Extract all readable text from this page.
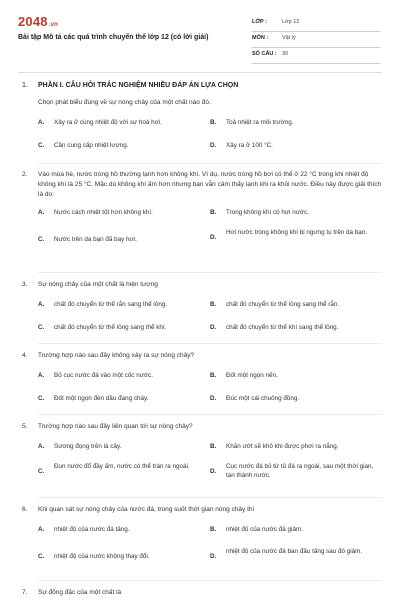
2048.vn
Bài tập Mô tả các quá trình chuyển thể lớp 12 (có lời giải)
LỚP :	Lớp 12
MÔN :	Vật lý
SỐ CÂU : 30
1. PHẦN I. CÂU HỎI TRẮC NGHIỆM NHIỀU ĐÁP ÁN LỰA CHỌN
Chọn phát biểu đúng về sự nóng chảy của một chất nào đó.
A. Xảy ra ở cùng nhiệt độ với sự hoá hơi.	B. Toả nhiệt ra môi trường.
C. Cần cung cấp nhiệt lượng.	D. Xảy ra ở 100 °C.
2. Vào mùa hè, nước trong hồ thường lạnh hơn không khí. Ví dụ, nước trong hồ bơi có thể ở 22 °C trong khi nhiệt độ không khí là 25 °C. Mặc dù không khí ấm hơn nhưng bạn vẫn cảm thấy lạnh khi ra khỏi nước. Điều này được giải thích là do:
A. Nước cách nhiệt tốt hơn không khí.	B. Trong không khí có hơi nước.
C. Nước trên da bạn đã bay hơi.	D.
Hơi nước trong không khí bị ngưng tụ trên da bạn.
3. Sự nóng chảy của một chất là hiện tượng
A. chất đó chuyển từ thể rắn sang thể lỏng.	B. chất đó chuyển từ thể lỏng sang thể rắn.
C. chất đó chuyển từ thể lỏng sang thể khí.	D. chất đó chuyển từ thể khí sang thể lỏng.
4. Trường hợp nào sau đây không xảy ra sự nóng chảy?
A. Bỏ cục nước đá vào một cốc nước.	B. Đốt một ngọn nến.
C. Đốt một ngọn đèn dầu đang cháy.	D. Đúc một cái chuông đồng.
5. Trường hợp nào sau đây liên quan tới sự nóng chảy?
A. Sương đọng trên lá cây.	B. Khăn ướt sẽ khô khi được phơi ra nắng.
C.
Đun nước đổ đầy ấm, nước có thể tràn ra ngoài.
D.
Cục nước đá bỏ từ tủ đá ra ngoài, sau một thời gian, tan thành nước.
6. Khi quan sát sự nóng chảy của nước đá, trong suốt thời gian nóng chảy thì
A. nhiệt độ của nước đá tăng.	B. nhiệt độ của nước đá giảm.
C. nhiệt độ của nước không thay đổi.	D.
nhiệt độ của nước đá ban đầu tăng sau đó giảm.
7. Sự đông đặc của một chất là
